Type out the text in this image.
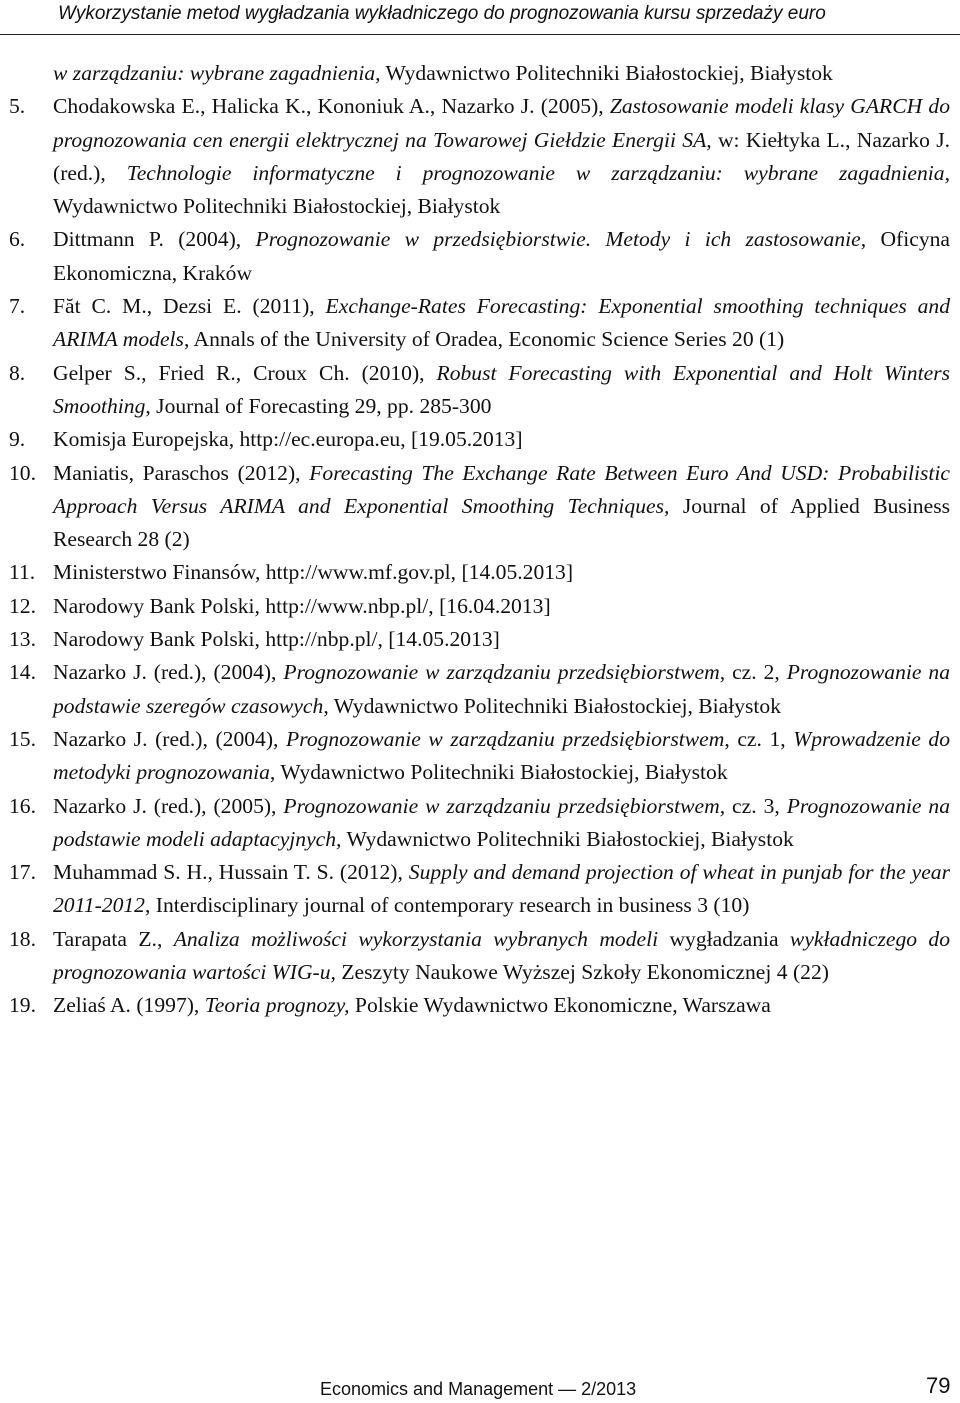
Wykorzystanie metod wygładzania wykładniczego do prognozowania kursu sprzedaży euro
w zarządzaniu: wybrane zagadnienia, Wydawnictwo Politechniki Białostockiej, Białystok
5.	Chodakowska E., Halicka K., Kononiuk A., Nazarko J. (2005), Zastosowanie modeli klasy GARCH do prognozowania cen energii elektrycznej na Towarowej Giełdzie Energii SA, w: Kiełtyka L., Nazarko J. (red.), Technologie informatyczne i prognozowanie w zarządzaniu: wybrane zagadnienia, Wydawnictwo Politechniki Białostockiej, Białystok
6.	Dittmann P. (2004), Prognozowanie w przedsiębiorstwie. Metody i ich zastosowanie, Oficyna Ekonomiczna, Kraków
7.	Făt C. M., Dezsi E. (2011), Exchange-Rates Forecasting: Exponential smoothing techniques and ARIMA models, Annals of the University of Oradea, Economic Science Series 20 (1)
8.	Gelper S., Fried R., Croux Ch. (2010), Robust Forecasting with Exponential and Holt Winters Smoothing, Journal of Forecasting 29, pp. 285-300
9.	Komisja Europejska, http://ec.europa.eu, [19.05.2013]
10. Maniatis, Paraschos (2012), Forecasting The Exchange Rate Between Euro And USD: Probabilistic Approach Versus ARIMA and Exponential Smoothing Techniques, Journal of Applied Business Research 28 (2)
11. Ministerstwo Finansów, http://www.mf.gov.pl, [14.05.2013]
12. Narodowy Bank Polski, http://www.nbp.pl/, [16.04.2013]
13. Narodowy Bank Polski, http://nbp.pl/, [14.05.2013]
14. Nazarko J. (red.), (2004), Prognozowanie w zarządzaniu przedsiębiorstwem, cz. 2, Prognozowanie na podstawie szeregów czasowych, Wydawnictwo Politechniki Białostockiej, Białystok
15. Nazarko J. (red.), (2004), Prognozowanie w zarządzaniu przedsiębiorstwem, cz. 1, Wprowadzenie do metodyki prognozowania, Wydawnictwo Politechniki Białostockiej, Białystok
16. Nazarko J. (red.), (2005), Prognozowanie w zarządzaniu przedsiębiorstwem, cz. 3, Prognozowanie na podstawie modeli adaptacyjnych, Wydawnictwo Politechniki Białostockiej, Białystok
17. Muhammad S. H., Hussain T. S. (2012), Supply and demand projection of wheat in punjab for the year 2011-2012, Interdisciplinary journal of contemporary research in business 3 (10)
18. Tarapata Z., Analiza możliwości wykorzystania wybranych modeli wygładzania wykładniczego do prognozowania wartości WIG-u, Zeszyty Naukowe Wyższej Szkoły Ekonomicznej 4 (22)
19. Zeliaś A. (1997), Teoria prognozy, Polskie Wydawnictwo Ekonomiczne, Warszawa
Economics and Management — 2/2013	79
